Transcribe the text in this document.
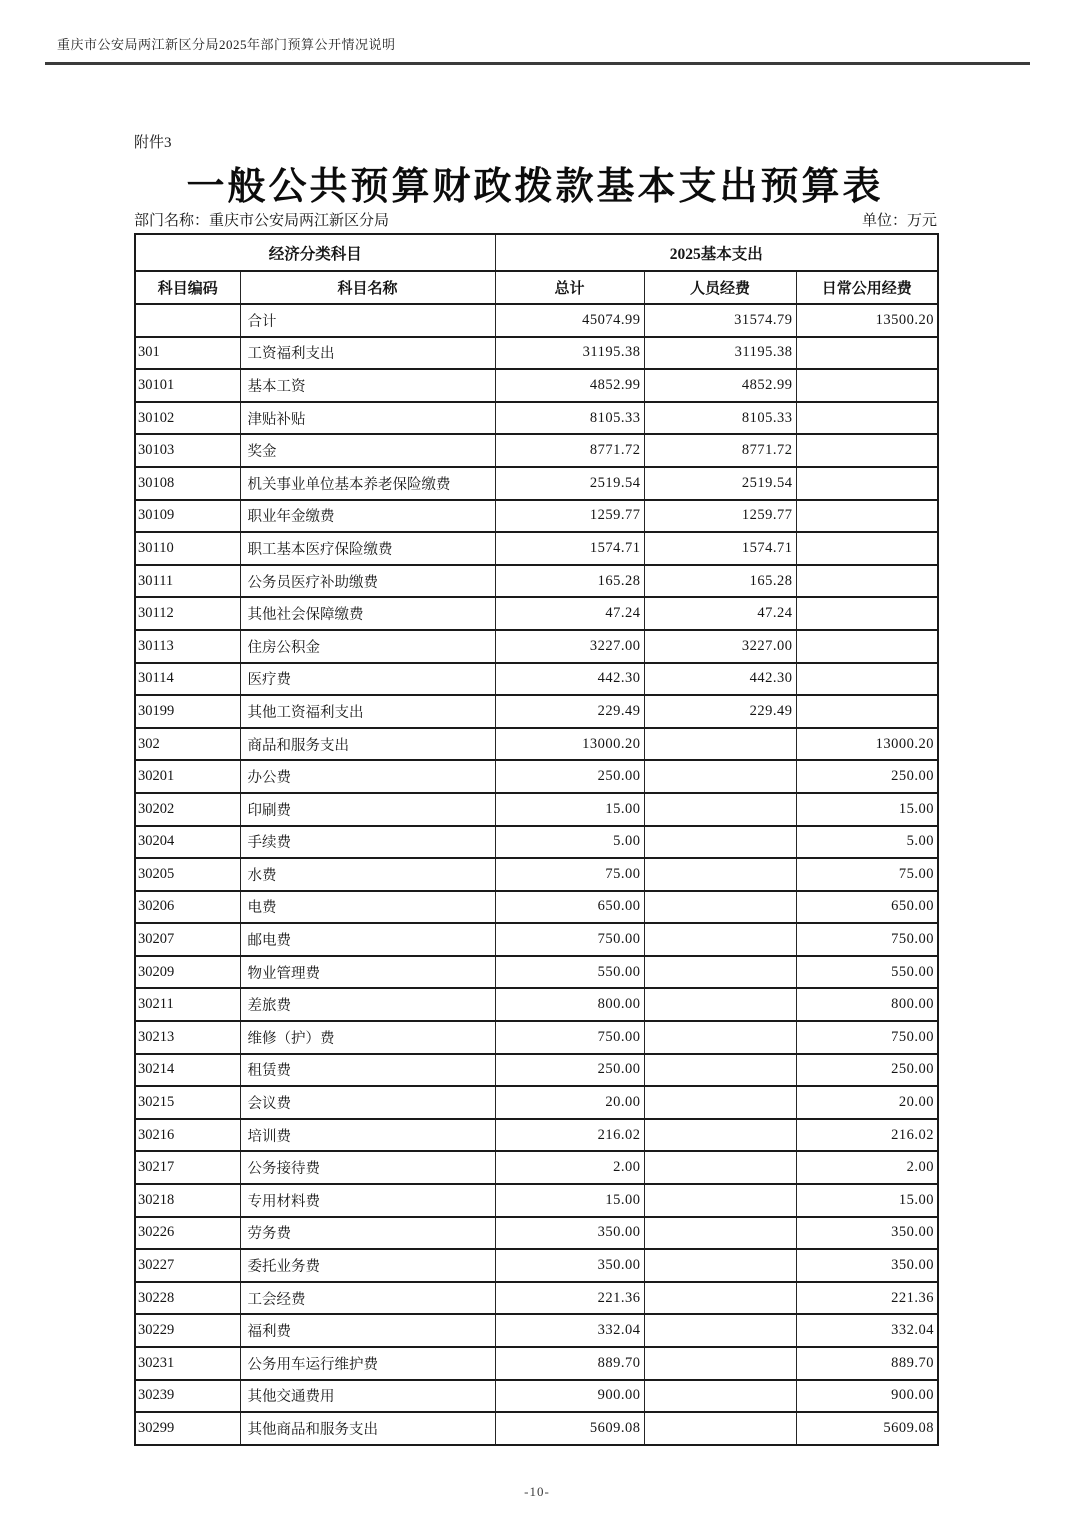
重庆市公安局两江新区分局2025年部门预算公开情况说明
附件3
一般公共预算财政拨款基本支出预算表
部门名称：重庆市公安局两江新区分局	单位：万元
经济分类科目		2025基本支出		
科目编码	科目名称	总计	人员经费	日常公用经费
	合计	45074.99	31574.79	13500.20
301	工资福利支出	31195.38	31195.38	
30101	基本工资	4852.99	4852.99	
30102	津贴补贴	8105.33	8105.33	
30103	奖金	8771.72	8771.72	
30108	机关事业单位基本养老保险缴费	2519.54	2519.54	
30109	职业年金缴费	1259.77	1259.77	
30110	职工基本医疗保险缴费	1574.71	1574.71	
30111	公务员医疗补助缴费	165.28	165.28	
30112	其他社会保障缴费	47.24	47.24	
30113	住房公积金	3227.00	3227.00	
30114	医疗费	442.30	442.30	
30199	其他工资福利支出	229.49	229.49	
302	商品和服务支出	13000.20		13000.20
30201	办公费	250.00		250.00
30202	印刷费	15.00		15.00
30204	手续费	5.00		5.00
30205	水费	75.00		75.00
30206	电费	650.00		650.00
30207	邮电费	750.00		750.00
30209	物业管理费	550.00		550.00
30211	差旅费	800.00		800.00
30213	维修（护）费	750.00		750.00
30214	租赁费	250.00		250.00
30215	会议费	20.00		20.00
30216	培训费	216.02		216.02
30217	公务接待费	2.00		2.00
30218	专用材料费	15.00		15.00
30226	劳务费	350.00		350.00
30227	委托业务费	350.00		350.00
30228	工会经费	221.36		221.36
30229	福利费	332.04		332.04
30231	公务用车运行维护费	889.70		889.70
30239	其他交通费用	900.00		900.00
30299	其他商品和服务支出	5609.08		5609.08
-10-
